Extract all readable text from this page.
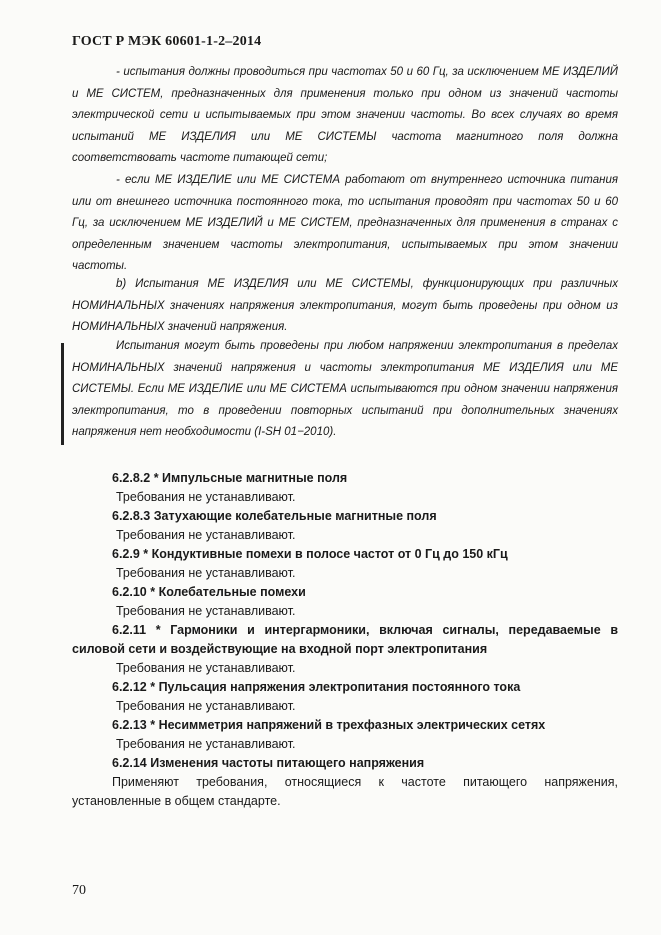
ГОСТ Р МЭК 60601-1-2–2014
- испытания должны проводиться при частотах 50 и 60 Гц, за исключением МЕ ИЗДЕЛИЙ и МЕ СИСТЕМ, предназначенных для применения только при одном из значений частоты электрической сети и испытываемых при этом значении частоты. Во всех случаях во время испытаний МЕ ИЗДЕЛИЯ или МЕ СИСТЕМЫ частота магнитного поля должна соответствовать частоте питающей сети;
- если МЕ ИЗДЕЛИЕ или МЕ СИСТЕМА работают от внутреннего источника питания или от внешнего источника постоянного тока, то испытания проводят при частотах 50 и 60 Гц, за исключением МЕ ИЗДЕЛИЙ и МЕ СИСТЕМ, предназначенных для применения в странах с определенным значением частоты электропитания, испытываемых при этом значении частоты.
b) Испытания МЕ ИЗДЕЛИЯ или МЕ СИСТЕМЫ, функционирующих при различных НОМИНАЛЬНЫХ значениях напряжения электропитания, могут быть проведены при одном из НОМИНАЛЬНЫХ значений напряжения.
Испытания могут быть проведены при любом напряжении электропитания в пределах НОМИНАЛЬНЫХ значений напряжения и частоты электропитания МЕ ИЗДЕЛИЯ или МЕ СИСТЕМЫ. Если МЕ ИЗДЕЛИЕ или МЕ СИСТЕМА испытываются при одном значении напряжения электропитания, то в проведении повторных испытаний при дополнительных значениях напряжения нет необходимости (I-SH 01−2010).
6.2.8.2 * Импульсные магнитные поля
Требования не устанавливают.
6.2.8.3 Затухающие колебательные магнитные поля
Требования не устанавливают.
6.2.9 * Кондуктивные помехи в полосе частот от 0 Гц до 150 кГц
Требования не устанавливают.
6.2.10 * Колебательные помехи
Требования не устанавливают.
6.2.11 * Гармоники и интергармоники, включая сигналы, передаваемые в силовой сети и воздействующие на входной порт электропитания
Требования не устанавливают.
6.2.12 * Пульсация напряжения электропитания постоянного тока
Требования не устанавливают.
6.2.13 * Несимметрия напряжений в трехфазных электрических сетях
Требования не устанавливают.
6.2.14 Изменения частоты питающего напряжения
Применяют требования, относящиеся к частоте питающего напряжения, установленные в общем стандарте.
70
